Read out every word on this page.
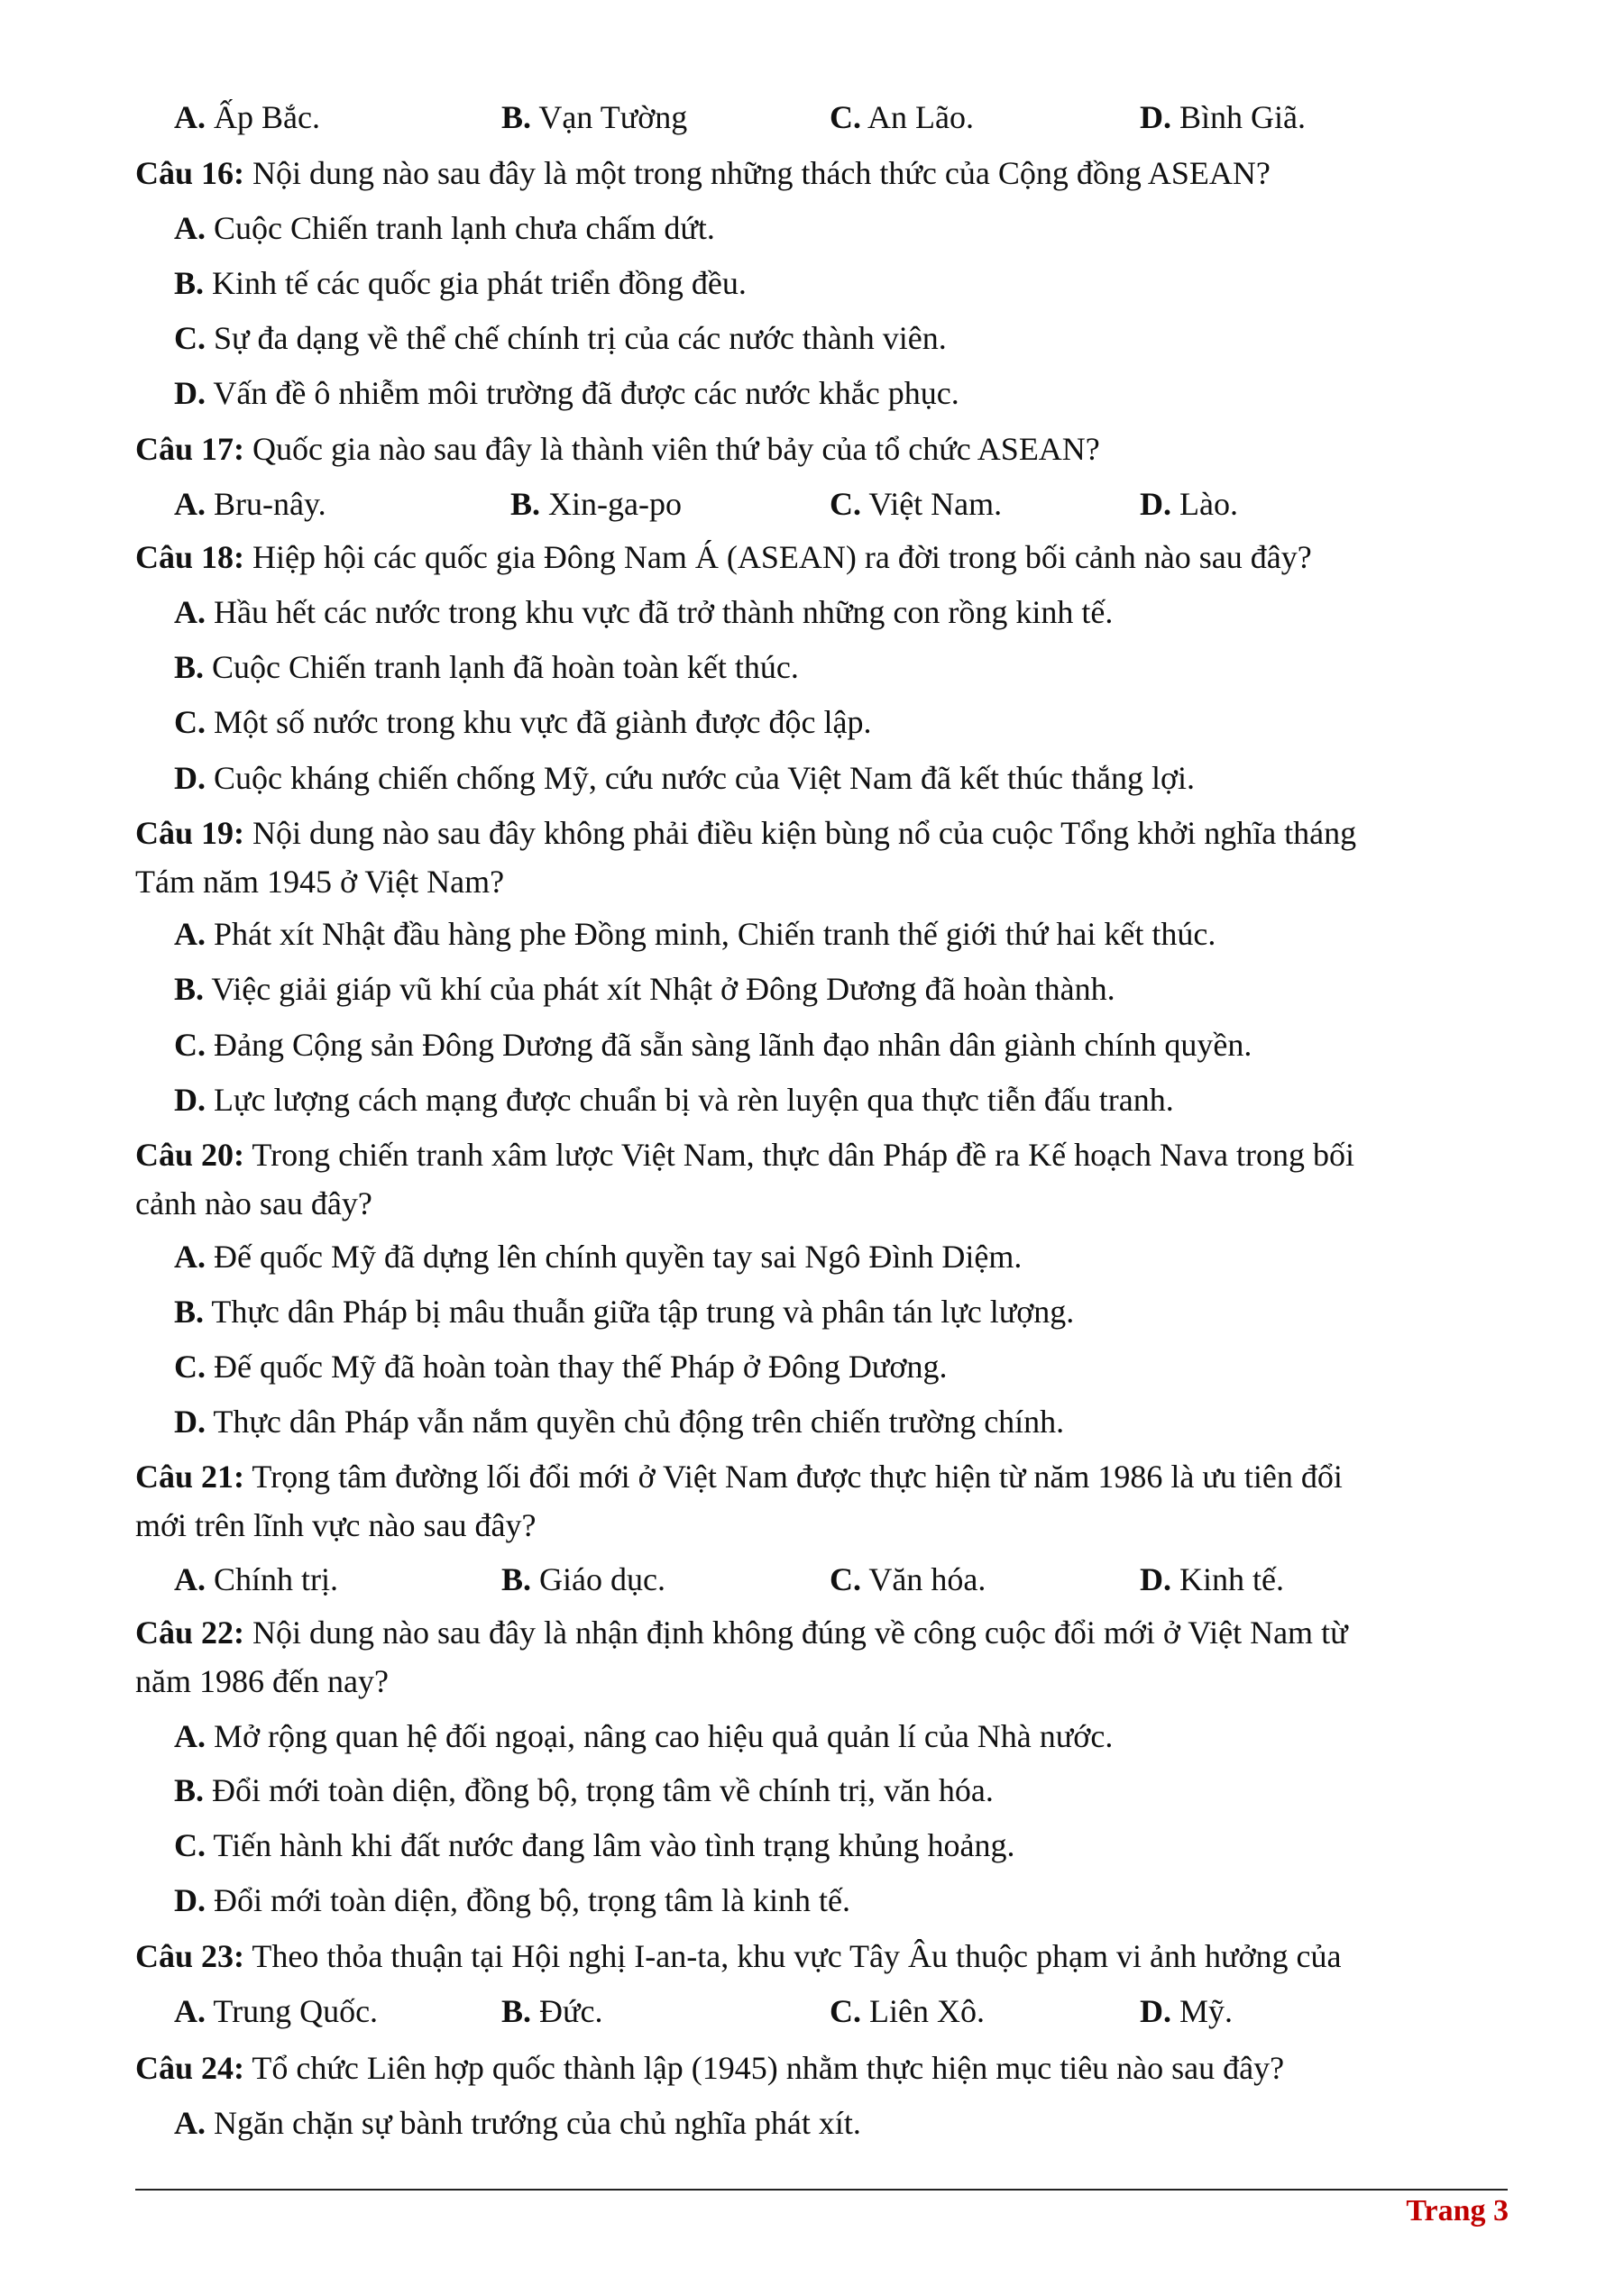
A. Ấp Bắc.	B. Vạn Tường	C. An Lão.	D. Bình Giã.
Câu 16: Nội dung nào sau đây là một trong những thách thức của Cộng đồng ASEAN?
A. Cuộc Chiến tranh lạnh chưa chấm dứt.
B. Kinh tế các quốc gia phát triển đồng đều.
C. Sự đa dạng về thể chế chính trị của các nước thành viên.
D. Vấn đề ô nhiễm môi trường đã được các nước khắc phục.
Câu 17: Quốc gia nào sau đây là thành viên thứ bảy của tổ chức ASEAN?
A. Bru-nây.	B. Xin-ga-po	C. Việt Nam.	D. Lào.
Câu 18: Hiệp hội các quốc gia Đông Nam Á (ASEAN) ra đời trong bối cảnh nào sau đây?
A. Hầu hết các nước trong khu vực đã trở thành những con rồng kinh tế.
B. Cuộc Chiến tranh lạnh đã hoàn toàn kết thúc.
C. Một số nước trong khu vực đã giành được độc lập.
D. Cuộc kháng chiến chống Mỹ, cứu nước của Việt Nam đã kết thúc thắng lợi.
Câu 19: Nội dung nào sau đây không phải điều kiện bùng nổ của cuộc Tổng khởi nghĩa tháng
Tám năm 1945 ở Việt Nam?
A. Phát xít Nhật đầu hàng phe Đồng minh, Chiến tranh thế giới thứ hai kết thúc.
B. Việc giải giáp vũ khí của phát xít Nhật ở Đông Dương đã hoàn thành.
C. Đảng Cộng sản Đông Dương đã sẵn sàng lãnh đạo nhân dân giành chính quyền.
D. Lực lượng cách mạng được chuẩn bị và rèn luyện qua thực tiễn đấu tranh.
Câu 20: Trong chiến tranh xâm lược Việt Nam, thực dân Pháp đề ra Kế hoạch Nava trong bối
cảnh nào sau đây?
A. Đế quốc Mỹ đã dựng lên chính quyền tay sai Ngô Đình Diệm.
B. Thực dân Pháp bị mâu thuẫn giữa tập trung và phân tán lực lượng.
C. Đế quốc Mỹ đã hoàn toàn thay thế Pháp ở Đông Dương.
D. Thực dân Pháp vẫn nắm quyền chủ động trên chiến trường chính.
Câu 21: Trọng tâm đường lối đổi mới ở Việt Nam được thực hiện từ năm 1986 là ưu tiên đổi
mới trên lĩnh vực nào sau đây?
A. Chính trị.	B. Giáo dục.	C. Văn hóa.	D. Kinh tế.
Câu 22: Nội dung nào sau đây là nhận định không đúng về công cuộc đổi mới ở Việt Nam từ
năm 1986 đến nay?
A. Mở rộng quan hệ đối ngoại, nâng cao hiệu quả quản lí của Nhà nước.
B. Đổi mới toàn diện, đồng bộ, trọng tâm về chính trị, văn hóa.
C. Tiến hành khi đất nước đang lâm vào tình trạng khủng hoảng.
D. Đổi mới toàn diện, đồng bộ, trọng tâm là kinh tế.
Câu 23: Theo thỏa thuận tại Hội nghị I-an-ta, khu vực Tây Âu thuộc phạm vi ảnh hưởng của
A. Trung Quốc.	B. Đức.	C. Liên Xô.	D. Mỹ.
Câu 24: Tổ chức Liên hợp quốc thành lập (1945) nhằm thực hiện mục tiêu nào sau đây?
A. Ngăn chặn sự bành trướng của chủ nghĩa phát xít.
Trang 3
